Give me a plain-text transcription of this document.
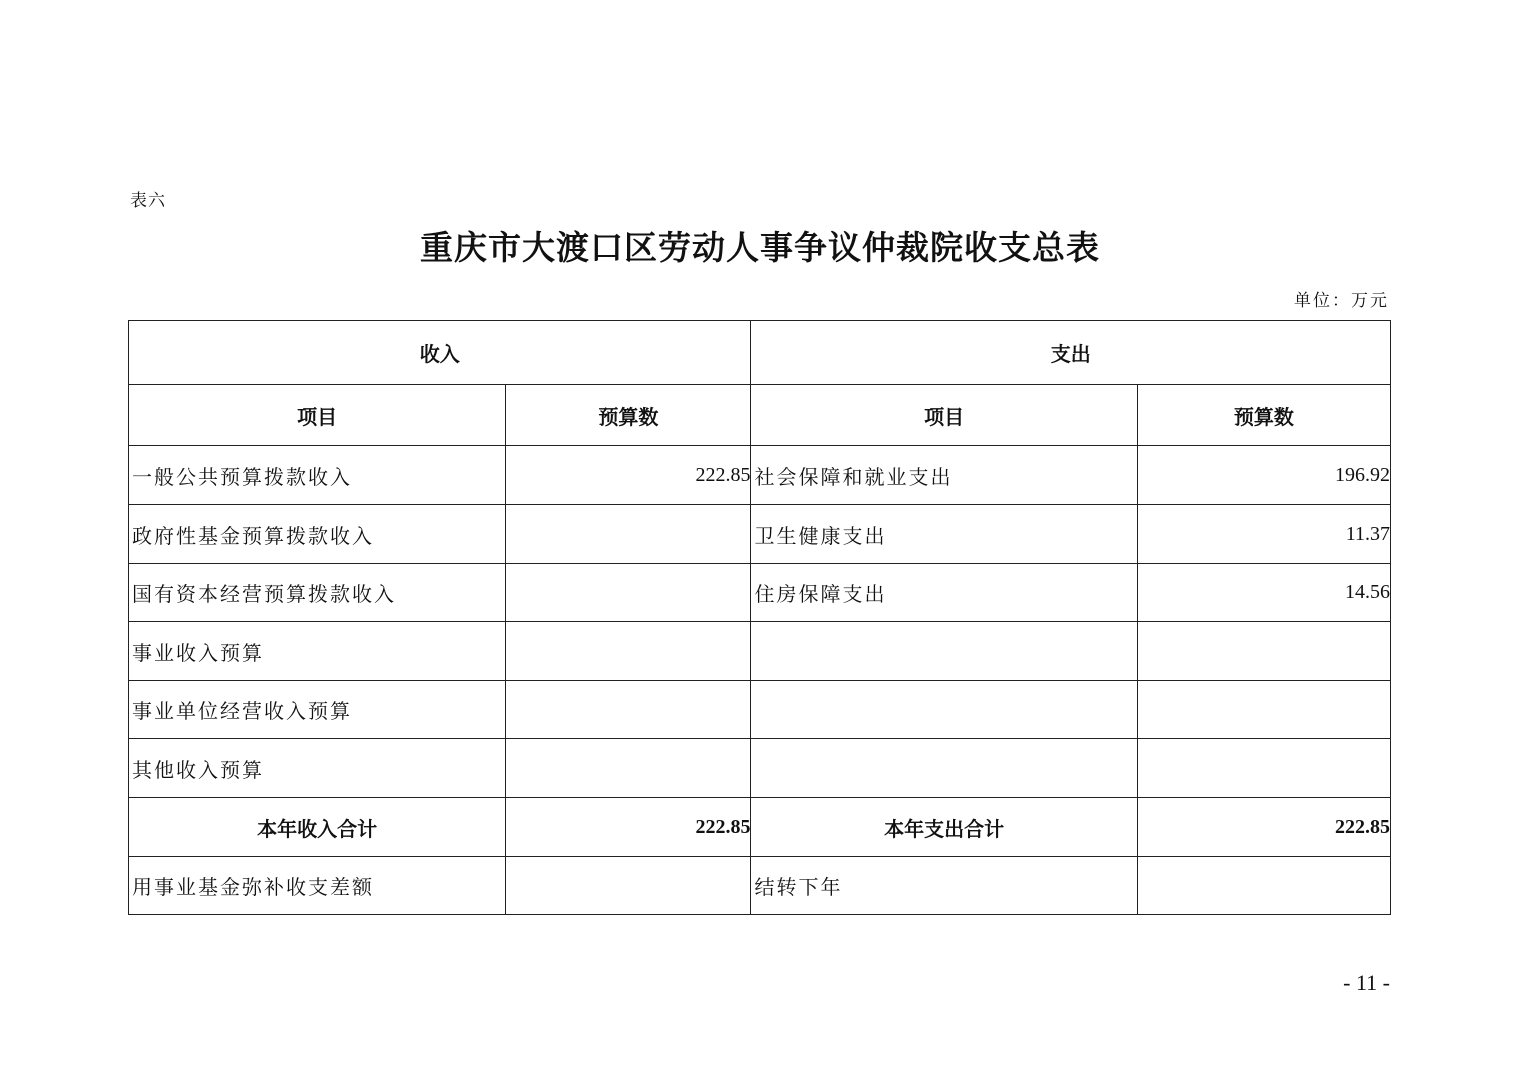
表六
重庆市大渡口区劳动人事争议仲裁院收支总表
单位：万元
收入		支出	
项目	预算数	项目	预算数
一般公共预算拨款收入	222.85	社会保障和就业支出	196.92
政府性基金预算拨款收入		卫生健康支出	11.37
国有资本经营预算拨款收入		住房保障支出	14.56
事业收入预算			
事业单位经营收入预算			
其他收入预算			
本年收入合计	222.85	本年支出合计	222.85
用事业基金弥补收支差额		结转下年	
- 11 -
